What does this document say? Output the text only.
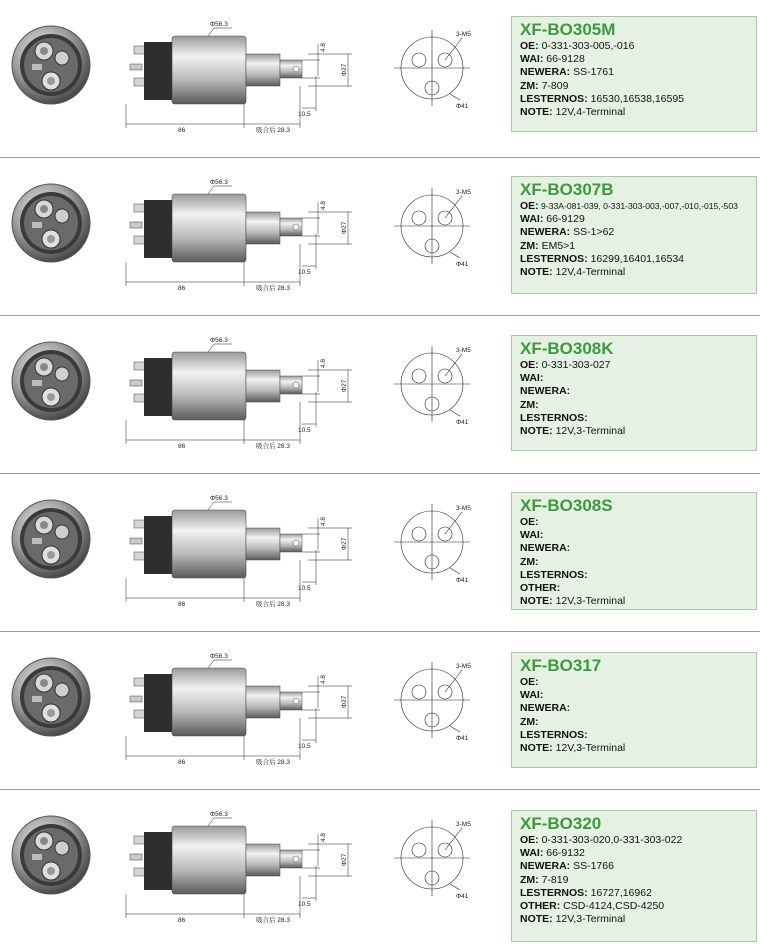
Φ56.3
86	吸合后 28.3
4.8
Φ27
10.5
3-M5
Φ41
XF-BO305M
OE: 0-331-303-005,-016
WAI: 66-9128
NEWERA: SS-1761
ZM: 7-809
LESTERNOS: 16530,16538,16595
NOTE: 12V,4-Terminal
Φ56.3
86	吸合后 28.3
4.8
Φ27
10.5
3-M5
Φ41
XF-BO307B
OE: 9-33A-081-039, 0-331-303-003,-007,-010,-015,-503
WAI: 66-9129
NEWERA: SS-1>62
ZM: EM5>1
LESTERNOS: 16299,16401,16534
NOTE: 12V,4-Terminal
Φ56.3
86	吸合后 28.3
4.8
Φ27
10.5
3-M5
Φ41
XF-BO308K
OE: 0-331-303-027
WAI:
NEWERA:
ZM:
LESTERNOS:
NOTE: 12V,3-Terminal
Φ56.3
86	吸合后 28.3
4.8
Φ27
10.5
3-M5
Φ41
XF-BO308S
OE:
WAI:
NEWERA:
ZM:
LESTERNOS:
OTHER:
NOTE: 12V,3-Terminal
Φ56.3
86	吸合后 28.3
4.8
Φ27
10.5
3-M5
Φ41
XF-BO317
OE:
WAI:
NEWERA:
ZM:
LESTERNOS:
NOTE: 12V,3-Terminal
Φ56.3
86	吸合后 28.3
4.8
Φ27
10.5
3-M5
Φ41
XF-BO320
OE: 0-331-303-020,0-331-303-022
WAI: 66-9132
NEWERA: SS-1766
ZM: 7-819
LESTERNOS: 16727,16962
OTHER: CSD-4124,CSD-4250
NOTE: 12V,3-Terminal
